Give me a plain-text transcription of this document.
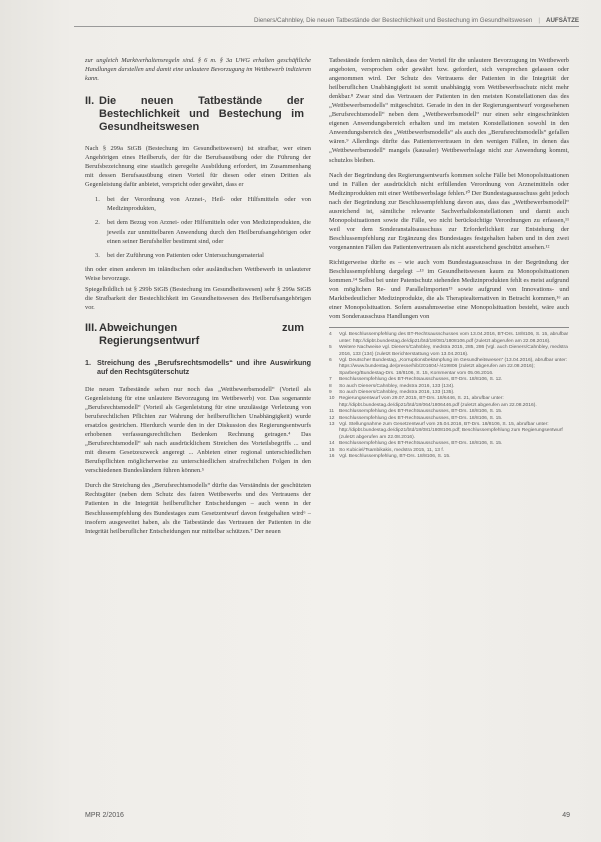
Dieners/Cahnbley, Die neuen Tatbestände der Bestechlichkeit und Bestechung im Gesundheitswesen | AUFSÄTZE

zur ungleich Marktverhaltensregeln sind. § 6 m. § 3a UWG erhalten geschäftliche Handlungen darstellen und damit eine unlautere Bevorzugung im Wettbewerb indizieren kann.

II. Die neuen Tatbestände der Bestechlichkeit und Bestechung im Gesundheitswesen

Nach § 299a StGB (Bestechung im Gesundheitswesen) ist strafbar, wer einen Angehörigen eines Heilberufs, der für die Berufsausübung oder die Führung der Berufsbezeichnung eine staatlich geregelte Ausbildung erfordert, im Zusammenhang mit dessen Berufsausübung einen Vorteil für diesen oder einen Dritten als Gegenleistung dafür anbietet, verspricht oder gewährt, dass er

1.	bei der Verordnung von Arznei-, Heil- oder Hilfsmitteln oder von Medizinprodukten,
2.	bei dem Bezug von Arznei- oder Hilfsmitteln oder von Medizinprodukten, die jeweils zur unmittelbaren Anwendung durch den Heilberufsangehörigen oder einen seiner Berufshelfer bestimmt sind, oder
3.	bei der Zuführung von Patienten oder Untersuchungsmaterial

ihn oder einen anderen im inländischen oder ausländischen Wettbewerb in unlauterer Weise bevorzuge.

Spiegelbildlich ist § 299b StGB (Bestechung im Gesundheitswesen) sehr § 299a StGB die Strafbarkeit der Bestechlichkeit im Gesundheitswesen des Heilberufsangehörigen vor.

III. Abweichungen zum Regierungsentwurf
1. Streichung des „Berufsrechtsmodells“ und ihre Auswirkung auf den Rechtsgüterschutz

Die neuen Tatbestände sehen nur noch das „Wettbewerbsmodell“ (Vorteil als Gegenleistung für eine unlautere Bevorzugung im Wettbewerb) vor. Das sogenannte „Berufsrechtsmodell“ (Vorteil als Gegenleistung für eine unzulässige Verletzung von berufsrechtlichen Pflichten zur Wahrung der heilberuflichen Unabhängigkeit) wurde ersatzlos gestrichen. Hierdurch wurde den in der Diskussion des Regierungsentwurfs erhobenen verfassungsrechtlichen Bedenken Rechnung getragen.⁴ Das „Berufsrechtsmodell“ sah nach ausdrücklichem Streichen des Vorteilsbegriffs ... und mit diesem Gesetzeszweck angeregt ... Anbieten einer regional unterschiedlichen Berufspflichten möglicherweise zu unterschiedlichen strafrechtlichen Folgen in den verschiedenen Bundesländern führen können.⁵

Durch die Streichung des „Berufsrechtsmodells“ dürfte das Verständnis der geschützten Rechtsgüter (neben dem Schutz des fairen Wettbewerbs und des Vertrauens der Patienten in die Integrität heilberuflicher Entscheidungen – auch wenn in der Beschlussempfehlung des Bundestages zum Gesetzentwurf davon festgehalten wird⁶ – insofern ausgeweitet haben, als die Tatbestände das Vertrauen der Patienten in die Integrität heilberuflicher Entscheidungen nur mittelbar schützen.⁷ Der neuen

Tatbestände fordern nämlich, dass der Vorteil für die unlautere Bevorzugung im Wettbewerb angeboten, versprochen oder gewährt bzw. gefordert, sich versprechen gelassen oder angenommen wird. Der Schutz des Vertrauens der Patienten in die Integrität der heilberuflichen Unabhängigkeit ist somit unabhängig vom Wettbewerbsschutz nicht mehr denkbar.⁸ Zwar sind das Vertrauen der Patienten in den meisten Konstellationen das des „Wettbewerbsmodells“ mitgeschützt. Gerade in den in der Regierungsentwurf vorgesehenen „Berufsrechtsmodell“ neben dem „Wettbewerbsmodell“ nur einen sehr eingeschränkten eigenen Anwendungsbereich erhalten und im meisten Konstellationen sowohl in den Anwendungsbereich des „Wettbewerbsmodells“ als auch des „Berufsrechtsmodells“ gefallen wären.⁹ Allerdings dürfte das Patientenvertrauen in den wenigen Fällen, in denen das „Wettbewerbsmodell“ mangels (kausaler) Wettbewerbslage nicht zur Anwendung kommt, schutzlos bleiben.

Nach der Begründung des Regierungsentwurfs kommen solche Fälle bei Monopolsituationen und in Fällen der ausdrücklich nicht erfüllenden Verordnung von Arzneimitteln oder Medizinprodukten mit einer Wettbewerbslage fehlen.¹⁰ Der Bundestagsausschuss geht jedoch nach der Begründung zur Beschlussempfehlung davon aus, dass das „Wettbewerbsmodell“ ausreichend ist, sämtliche relevante Sachverhaltskonstellationen und damit auch Monopolsituationen sowie die Fälle, wo nicht berücksichtige Verordnungen zu erfassen,¹¹ weil vor dem Sonderanstaltsausschuss zur Erforderlichkeit zur Entstehung der Beschlussempfehlung zur Ergänzung des Bundestages festgehalten haben und in den zwei vorgenannten Fällen das Patientenvertrauen als nicht ausreichend geschützt ansehen.¹²

Richtigerweise dürfte es – wie auch vom Bundestagsausschuss in der Begründung der Beschlussempfehlung dargelegt –¹³ im Gesundheitswesen kaum zu Monopolsituationen kommen.¹⁴ Selbst bei unter Patentschutz stehenden Medizinprodukten fehlt es meist aufgrund von möglichen Re- und Parallelimporten¹⁵ sowie aufgrund von Innovations- und Marktbedeutlicher Medizinprodukte, die als Therapiealternativen in Betracht kommen,¹⁶ an einer Monopolsituation. Sofern ausnahmsweise eine Monopolsituation besteht, wäre auch vom Sonderausschuss Handlungen von

4	Vgl. Beschlussempfehlung des BT-Rechtsausschusses vom 13.04.2016, BT-Drs. 18/8106, S. 15, abrufbar unter: http://dipbt.bundestag.de/dip21/btd/18/081/1808106.pdf (zuletzt abgerufen am 22.08.2016).
5	Weitere Nachweise vgl. Dieners/Cahnbley, medstra 2015, 285, 286 (Vgl. auch Dieners/Cahnbley, medstra 2016, 133 (134) (zuletzt Berichterstattung vom 13.04.2016).
6	Vgl. Deutscher Bundestag, „Korruptionsbekämpfung im Gesundheitswesen“ (13.04.2016), abrufbar unter: https://www.bundestag.de/presse/hib/201604/-/419806 (zuletzt abgerufen am 22.08.2016); Sparberg/Bundestag-Drs. 18/8106, S. 15, Kommentar vom 05.06.2016.
7	Beschlussempfehlung des BT-Rechtsausschusses, BT-Drs. 18/8106, S. 12.
8	So auch Dieners/Cahnbley, medstra 2016, 133 (134).
9	So auch Dieners/Cahnbley, medstra 2016, 133 (135).
10 Regierungsentwurf vom 29.07.2015, BT-Drs. 18/6446, S. 21, abrufbar unter: http://dipbt.bundestag.de/dip21/btd/18/064/1806446.pdf (zuletzt abgerufen am 22.08.2016).
11	Beschlussempfehlung des BT-Rechtsausschusses, BT-Drs. 18/8106, S. 15.
12 Beschlussempfehlung des BT-Rechtsausschusses, BT-Drs. 18/8106, S. 15.
13 Vgl. Stellungnahme zum Gesetzentwurf vom 25.04.2016, BT-Drs. 18/8106, S. 15, abrufbar unter: http://dipbt.bundestag.de/dip21/btd/18/081/1808106.pdf; Beschlussempfehlung zum Regierungsentwurf (zuletzt abgerufen am 22.08.2016).
14 Beschlussempfehlung des BT-Rechtsausschusses, BT-Drs. 18/8106, S. 15.
15 So Kubiciel/Tsambikakis, medstra 2015, 11, 13 f.
16 Vgl. Beschlussempfehlung, BT-Drs. 18/8106, S. 15.
MPR 2/2016	49
